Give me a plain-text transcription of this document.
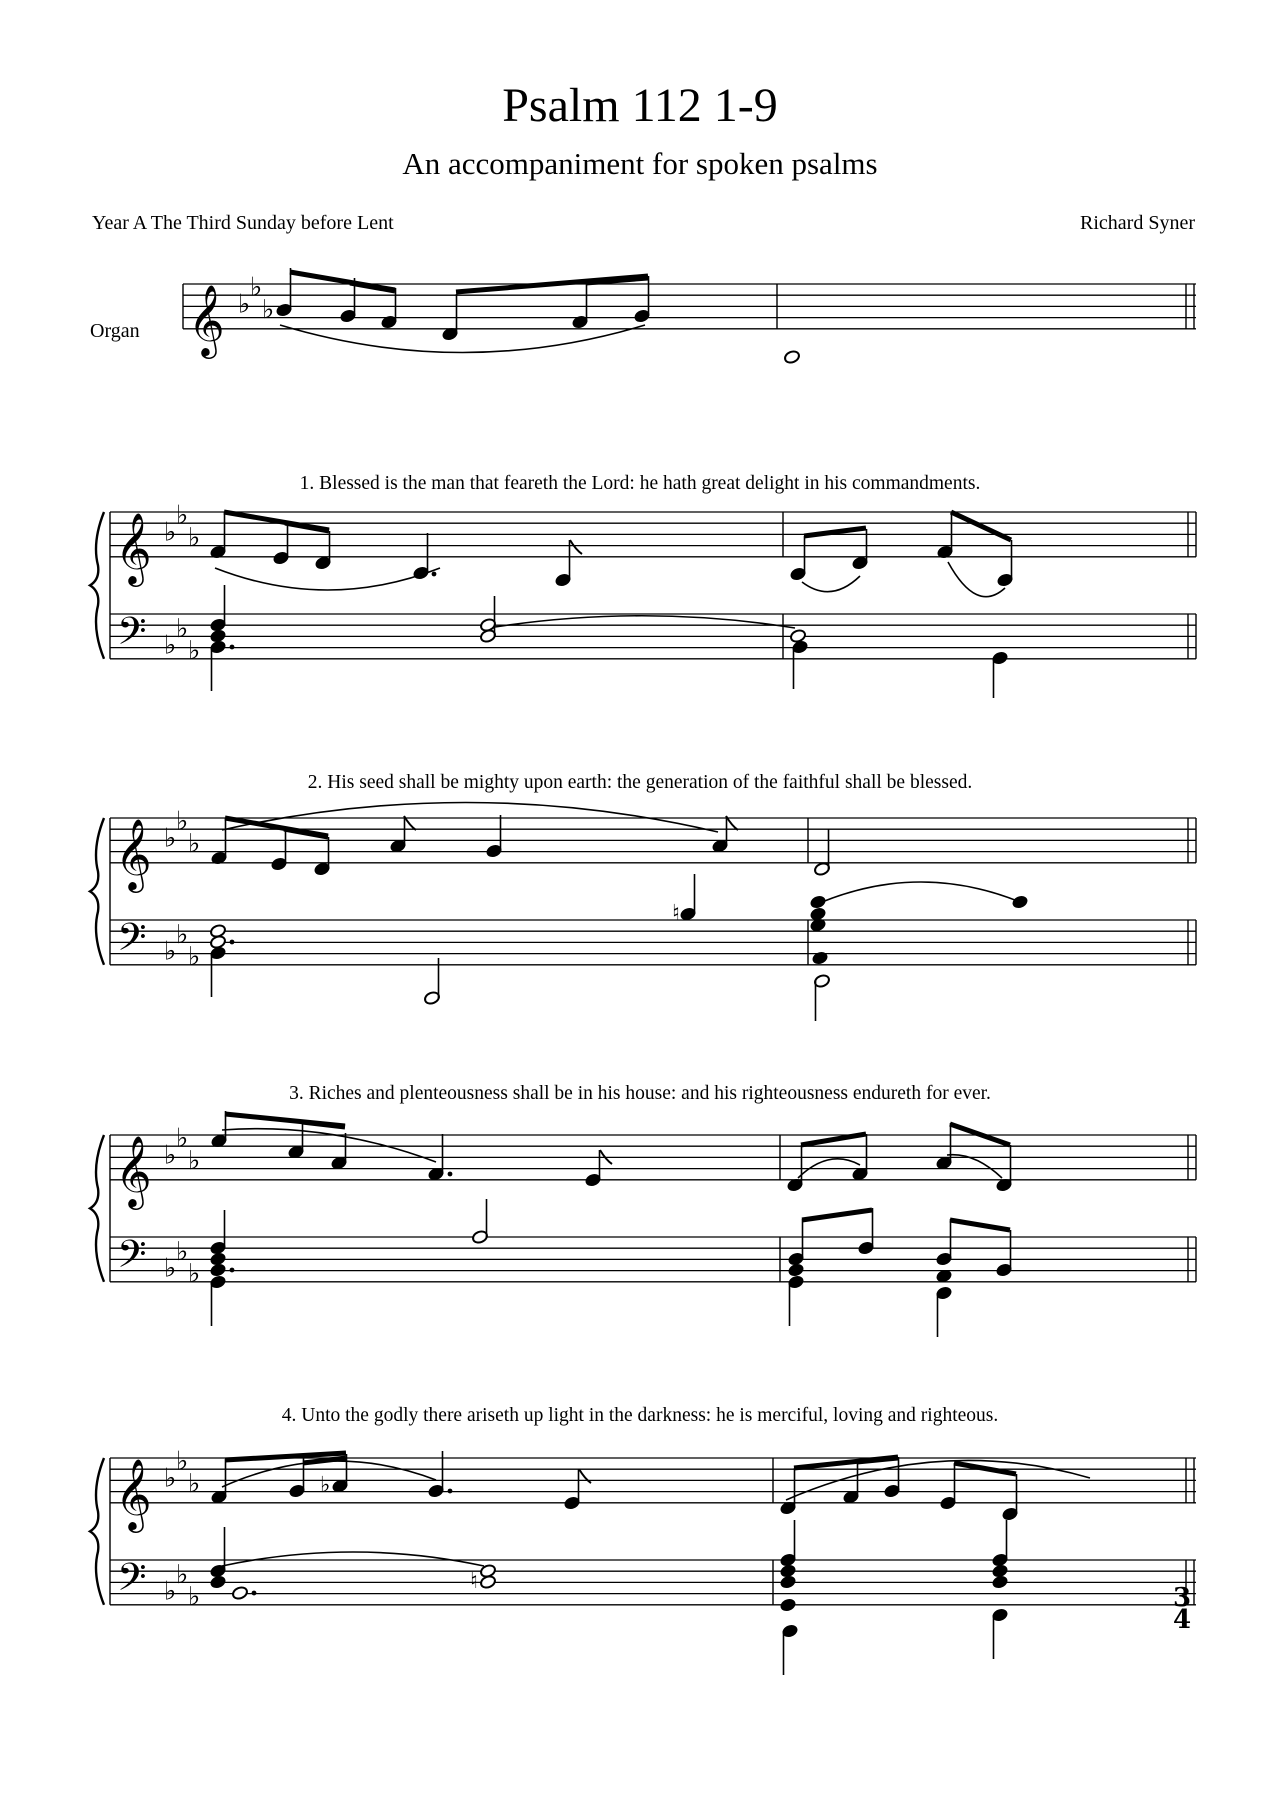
Psalm 112 1-9
An accompaniment for spoken psalms
Year A The Third Sunday before Lent	Richard Syner
Organ
1. Blessed is the man that feareth the Lord: he hath great delight in his commandments.
2. His seed shall be mighty upon earth: the generation of the faithful shall be blessed.
3. Riches and plenteousness shall be in his house: and his righteousness endureth for ever.
4. Unto the godly there ariseth up light in the darkness: he is merciful, loving and righteous.
𝄞 ♭
♭
♭
𝄞
𝄢
♭
♭
♭
♭
♭
♭
𝄞
𝄢
♭
♭
♭
♭
♭
♭
♮
𝄞
𝄢
♭
♭
♭
♭
♭
♭
𝄞
𝄢
♭
♭
♭
♭
♭
♭
♭
♮
3
4
